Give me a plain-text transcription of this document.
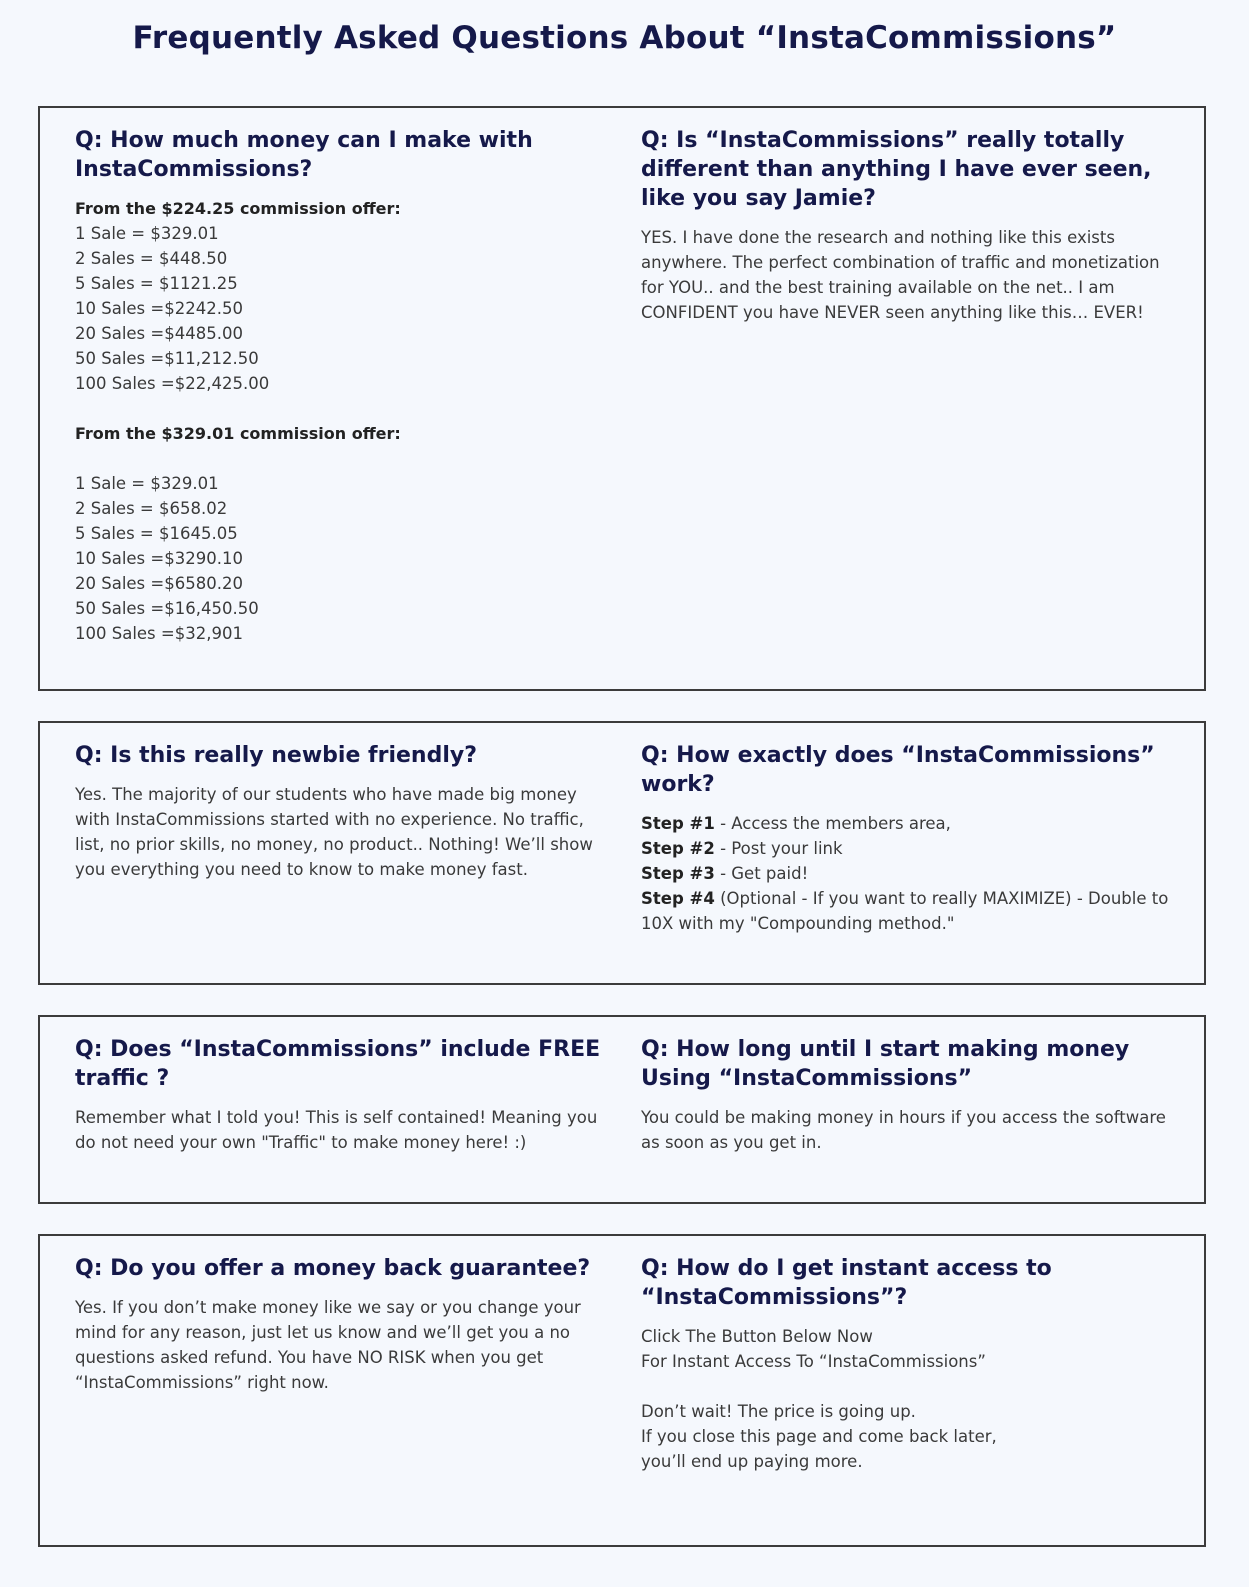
Frequently Asked Questions About “InstaCommissions”
Q: How much money can I make with InstaCommissions?
From the $224.25 commission offer:
1 Sale = $329.01
2 Sales = $448.50
5 Sales = $1121.25
10 Sales =$2242.50
20 Sales =$4485.00
50 Sales =$11,212.50
100 Sales =$22,425.00
From the $329.01 commission offer:
1 Sale = $329.01
2 Sales = $658.02
5 Sales = $1645.05
10 Sales =$3290.10
20 Sales =$6580.20
50 Sales =$16,450.50
100 Sales =$32,901
Q: Is “InstaCommissions” really totally different than anything I have ever seen, like you say Jamie?

YES. I have done the research and nothing like this exists anywhere. The perfect combination of traffic and monetization for YOU.. and the best training available on the net.. I am CONFIDENT you have NEVER seen anything like this… EVER!

Q: Is this really newbie friendly?

Yes. The majority of our students who have made big money with InstaCommissions started with no experience. No traffic, list, no prior skills, no money, no product.. Nothing! We’ll show you everything you need to know to make money fast.

Q: How exactly does “InstaCommissions” work?
Step #1 - Access the members area,
Step #2 - Post your link
Step #3 - Get paid!
Step #4 (Optional - If you want to really MAXIMIZE) - Double to 10X with my "Compounding method."
Q: Does “InstaCommissions” include FREE traffic ?

Remember what I told you! This is self contained! Meaning you do not need your own "Traffic" to make money here! :)

Q: How long until I start making money Using “InstaCommissions”

You could be making money in hours if you access the software as soon as you get in.

Q: Do you offer a money back guarantee?

Yes. If you don’t make money like we say or you change your mind for any reason, just let us know and we’ll get you a no questions asked refund. You have NO RISK when you get “InstaCommissions” right now.

Q: How do I get instant access to “InstaCommissions”?
Click The Button Below Now
For Instant Access To “InstaCommissions”
Don’t wait! The price is going up.
If you close this page and come back later,
you’ll end up paying more.
